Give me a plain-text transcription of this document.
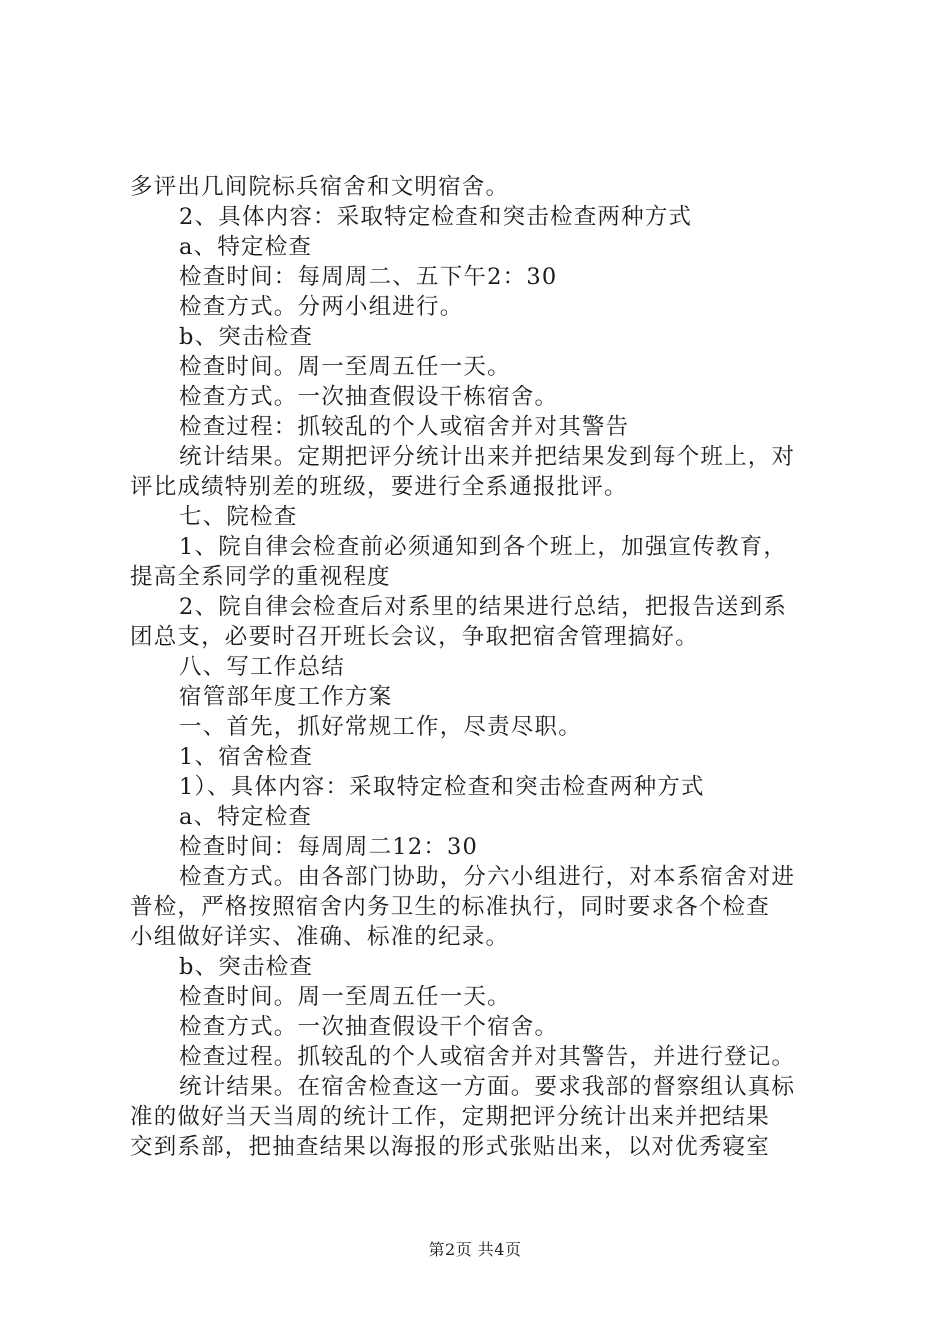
多评出几间院标兵宿舍和文明宿舍。
2、具体内容：采取特定检查和突击检查两种方式
a、特定检查
检查时间：每周周二、五下午2：30
检查方式。分两小组进行。
b、突击检查
检查时间。周一至周五任一天。
检查方式。一次抽查假设干栋宿舍。
检查过程：抓较乱的个人或宿舍并对其警告
统计结果。定期把评分统计出来并把结果发到每个班上，对
评比成绩特别差的班级，要进行全系通报批评。
七、院检查
1、院自律会检查前必须通知到各个班上，加强宣传教育，
提高全系同学的重视程度
2、院自律会检查后对系里的结果进行总结，把报告送到系
团总支，必要时召开班长会议，争取把宿舍管理搞好。
八、写工作总结
宿管部年度工作方案
一、首先，抓好常规工作，尽责尽职。
1、宿舍检查
1）、具体内容：采取特定检查和突击检查两种方式
a、特定检查
检查时间：每周周二12：30
检查方式。由各部门协助，分六小组进行，对本系宿舍对进
普检，严格按照宿舍内务卫生的标准执行，同时要求各个检查
小组做好详实、准确、标准的纪录。
b、突击检查
检查时间。周一至周五任一天。
检查方式。一次抽查假设干个宿舍。
检查过程。抓较乱的个人或宿舍并对其警告，并进行登记。
统计结果。在宿舍检查这一方面。要求我部的督察组认真标
准的做好当天当周的统计工作，定期把评分统计出来并把结果
交到系部，把抽查结果以海报的形式张贴出来，以对优秀寝室
第2页 共4页
